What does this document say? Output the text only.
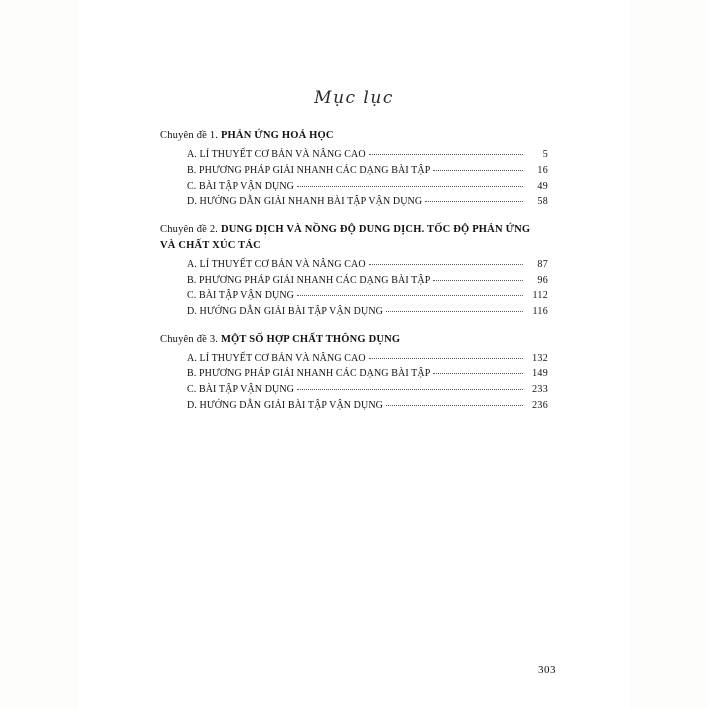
Mục lục
Chuyên đề 1. PHẢN ỨNG HOÁ HỌC
A. LÍ THUYẾT CƠ BẢN VÀ NÂNG CAO	5
B. PHƯƠNG PHÁP GIẢI NHANH CÁC DẠNG BÀI TẬP	16
C. BÀI TẬP VẬN DỤNG	49
D. HƯỚNG DẪN GIẢI NHANH BÀI TẬP VẬN DỤNG	58
Chuyên đề 2. DUNG DỊCH VÀ NỒNG ĐỘ DUNG DỊCH. TỐC ĐỘ PHẢN ỨNG VÀ CHẤT XÚC TÁC
A. LÍ THUYẾT CƠ BẢN VÀ NÂNG CAO	87
B. PHƯƠNG PHÁP GIẢI NHANH CÁC DẠNG BÀI TẬP	96
C. BÀI TẬP VẬN DỤNG	112
D. HƯỚNG DẪN GIẢI BÀI TẬP VẬN DỤNG	116
Chuyên đề 3. MỘT SỐ HỢP CHẤT THÔNG DỤNG
A. LÍ THUYẾT CƠ BẢN VÀ NÂNG CAO	132
B. PHƯƠNG PHÁP GIẢI NHANH CÁC DẠNG BÀI TẬP	149
C. BÀI TẬP VẬN DỤNG	233
D. HƯỚNG DẪN GIẢI BÀI TẬP VẬN DỤNG	236
303
